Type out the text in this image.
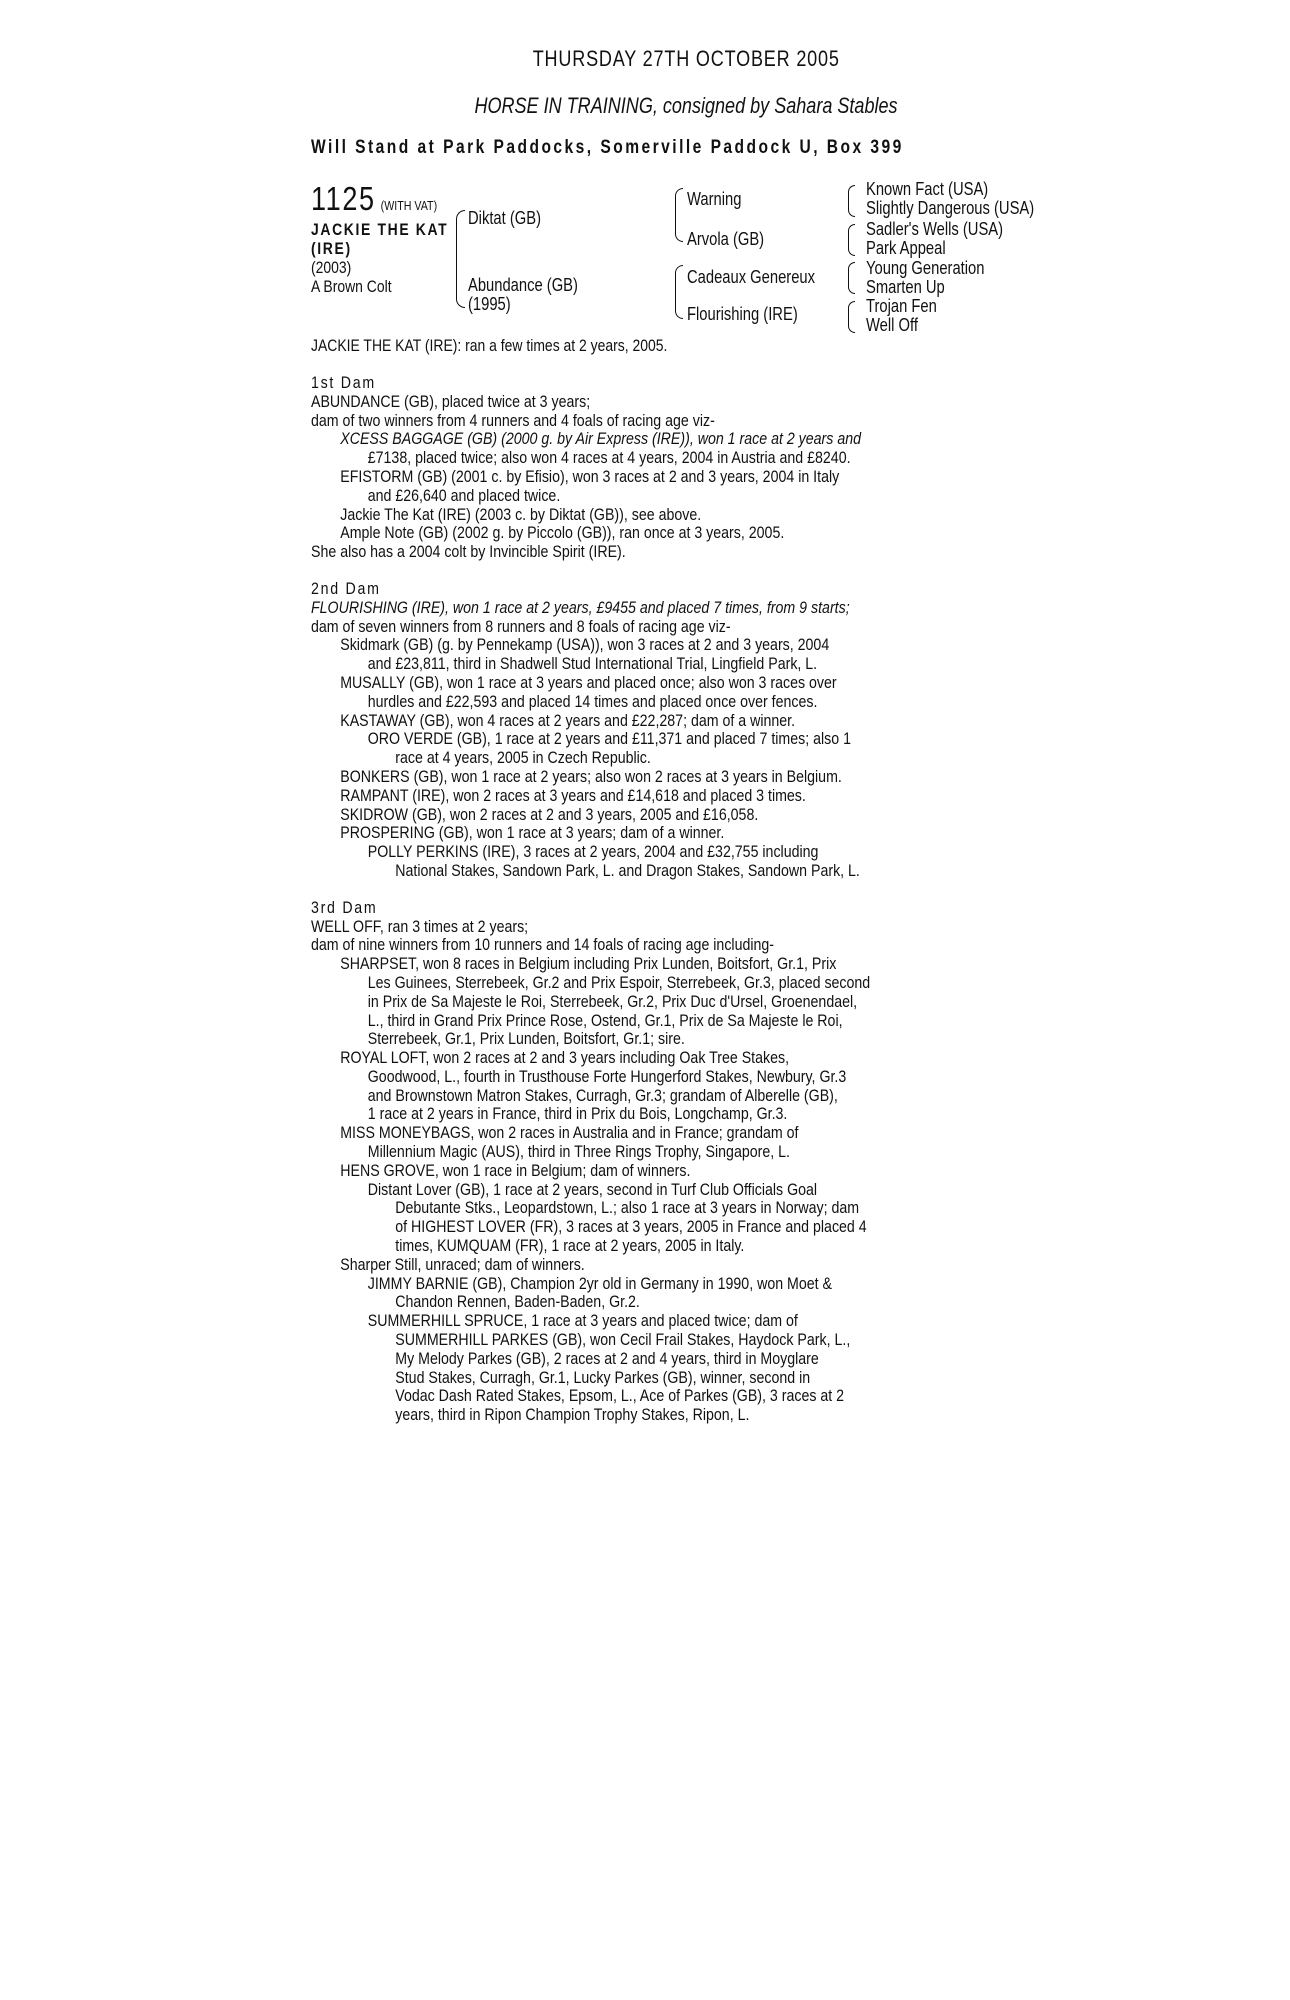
THURSDAY 27TH OCTOBER 2005
HORSE IN TRAINING, consigned by Sahara Stables
Will Stand at Park Paddocks, Somerville Paddock U, Box 399
1125 (WITH VAT)
JACKIE THE KAT
(IRE)
(2003)
A Brown Colt
Diktat (GB)
Abundance (GB)
(1995)
Warning
Arvola (GB)
Cadeaux Genereux
Flourishing (IRE)
Known Fact (USA)
Slightly Dangerous (USA)
Sadler's Wells (USA)
Park Appeal
Young Generation
Smarten Up
Trojan Fen
Well Off
JACKIE THE KAT (IRE): ran a few times at 2 years, 2005.
1st Dam
ABUNDANCE (GB), placed twice at 3 years;
dam of two winners from 4 runners and 4 foals of racing age viz-
XCESS BAGGAGE (GB) (2000 g. by Air Express (IRE)), won 1 race at 2 years and
£7138, placed twice; also won 4 races at 4 years, 2004 in Austria and £8240.
EFISTORM (GB) (2001 c. by Efisio), won 3 races at 2 and 3 years, 2004 in Italy
and £26,640 and placed twice.
Jackie The Kat (IRE) (2003 c. by Diktat (GB)), see above.
Ample Note (GB) (2002 g. by Piccolo (GB)), ran once at 3 years, 2005.
She also has a 2004 colt by Invincible Spirit (IRE).
2nd Dam
FLOURISHING (IRE), won 1 race at 2 years, £9455 and placed 7 times, from 9 starts;
dam of seven winners from 8 runners and 8 foals of racing age viz-
Skidmark (GB) (g. by Pennekamp (USA)), won 3 races at 2 and 3 years, 2004
and £23,811, third in Shadwell Stud International Trial, Lingfield Park, L.
MUSALLY (GB), won 1 race at 3 years and placed once; also won 3 races over
hurdles and £22,593 and placed 14 times and placed once over fences.
KASTAWAY (GB), won 4 races at 2 years and £22,287; dam of a winner.
ORO VERDE (GB), 1 race at 2 years and £11,371 and placed 7 times; also 1
race at 4 years, 2005 in Czech Republic.
BONKERS (GB), won 1 race at 2 years; also won 2 races at 3 years in Belgium.
RAMPANT (IRE), won 2 races at 3 years and £14,618 and placed 3 times.
SKIDROW (GB), won 2 races at 2 and 3 years, 2005 and £16,058.
PROSPERING (GB), won 1 race at 3 years; dam of a winner.
POLLY PERKINS (IRE), 3 races at 2 years, 2004 and £32,755 including
National Stakes, Sandown Park, L. and Dragon Stakes, Sandown Park, L.
3rd Dam
WELL OFF, ran 3 times at 2 years;
dam of nine winners from 10 runners and 14 foals of racing age including-
SHARPSET, won 8 races in Belgium including Prix Lunden, Boitsfort, Gr.1, Prix
Les Guinees, Sterrebeek, Gr.2 and Prix Espoir, Sterrebeek, Gr.3, placed second
in Prix de Sa Majeste le Roi, Sterrebeek, Gr.2, Prix Duc d'Ursel, Groenendael,
L., third in Grand Prix Prince Rose, Ostend, Gr.1, Prix de Sa Majeste le Roi,
Sterrebeek, Gr.1, Prix Lunden, Boitsfort, Gr.1; sire.
ROYAL LOFT, won 2 races at 2 and 3 years including Oak Tree Stakes,
Goodwood, L., fourth in Trusthouse Forte Hungerford Stakes, Newbury, Gr.3
and Brownstown Matron Stakes, Curragh, Gr.3; grandam of Alberelle (GB),
1 race at 2 years in France, third in Prix du Bois, Longchamp, Gr.3.
MISS MONEYBAGS, won 2 races in Australia and in France; grandam of
Millennium Magic (AUS), third in Three Rings Trophy, Singapore, L.
HENS GROVE, won 1 race in Belgium; dam of winners.
Distant Lover (GB), 1 race at 2 years, second in Turf Club Officials Goal
Debutante Stks., Leopardstown, L.; also 1 race at 3 years in Norway; dam
of HIGHEST LOVER (FR), 3 races at 3 years, 2005 in France and placed 4
times, KUMQUAM (FR), 1 race at 2 years, 2005 in Italy.
Sharper Still, unraced; dam of winners.
JIMMY BARNIE (GB), Champion 2yr old in Germany in 1990, won Moet &
Chandon Rennen, Baden-Baden, Gr.2.
SUMMERHILL SPRUCE, 1 race at 3 years and placed twice; dam of
SUMMERHILL PARKES (GB), won Cecil Frail Stakes, Haydock Park, L.,
My Melody Parkes (GB), 2 races at 2 and 4 years, third in Moyglare
Stud Stakes, Curragh, Gr.1, Lucky Parkes (GB), winner, second in
Vodac Dash Rated Stakes, Epsom, L., Ace of Parkes (GB), 3 races at 2
years, third in Ripon Champion Trophy Stakes, Ripon, L.
